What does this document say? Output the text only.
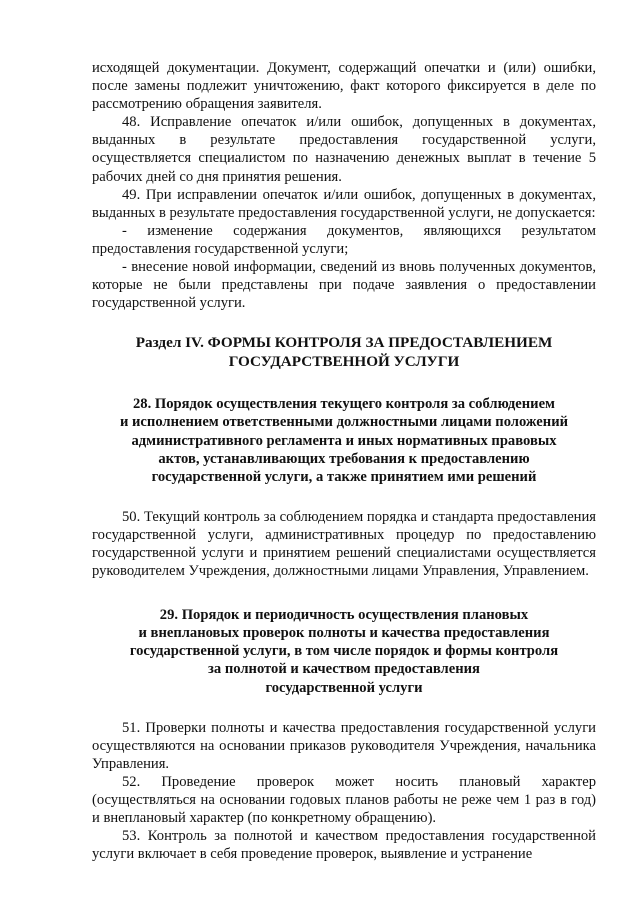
исходящей документации. Документ, содержащий опечатки и (или) ошибки, после замены подлежит уничтожению, факт которого фиксируется в деле по рассмотрению обращения заявителя.

48. Исправление опечаток и/или ошибок, допущенных в документах, выданных в результате предоставления государственной услуги, осуществляется специалистом по назначению денежных выплат в течение 5 рабочих дней со дня принятия решения.

49. При исправлении опечаток и/или ошибок, допущенных в документах, выданных в результате предоставления государственной услуги, не допускается:

- изменение содержания документов, являющихся результатом предоставления государственной услуги;

- внесение новой информации, сведений из вновь полученных документов, которые не были представлены при подаче заявления о предоставлении государственной услуги.

Раздел IV. ФОРМЫ КОНТРОЛЯ ЗА ПРЕДОСТАВЛЕНИЕМ
ГОСУДАРСТВЕННОЙ УСЛУГИ
28. Порядок осуществления текущего контроля за соблюдением
и исполнением ответственными должностными лицами положений
административного регламента и иных нормативных правовых
актов, устанавливающих требования к предоставлению
государственной услуги, а также принятием ими решений

50. Текущий контроль за соблюдением порядка и стандарта предоставления государственной услуги, административных процедур по предоставлению государственной услуги и принятием решений специалистами осуществляется руководителем Учреждения, должностными лицами Управления, Управлением.

29. Порядок и периодичность осуществления плановых
и внеплановых проверок полноты и качества предоставления
государственной услуги, в том числе порядок и формы контроля
за полнотой и качеством предоставления
государственной услуги

51. Проверки полноты и качества предоставления государственной услуги осуществляются на основании приказов руководителя Учреждения, начальника Управления.

52. Проведение проверок может носить плановый характер (осуществляться на основании годовых планов работы не реже чем 1 раз в год) и внеплановый характер (по конкретному обращению).

53. Контроль за полнотой и качеством предоставления государственной услуги включает в себя проведение проверок, выявление и устранение
